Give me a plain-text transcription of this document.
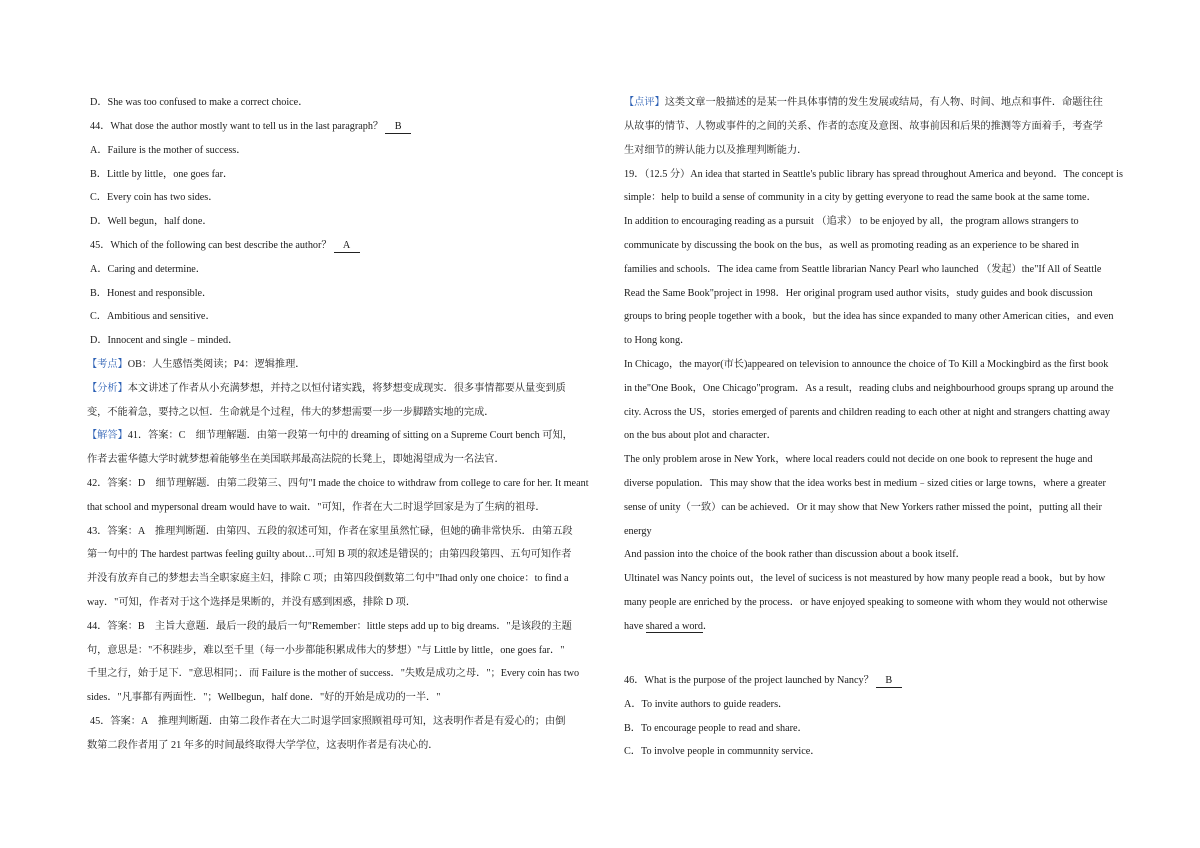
D．She was too confused to make a correct choice．
44．What dose the author mostly want to tell us in the last paragraph？ B
A．Failure is the mother of success．
B．Little by little，one goes far．
C．Every coin has two sides．
D．Well begun，half done．
45．Which of the following can best describe the author？ A
A．Caring and determine．
B．Honest and responsible．
C．Ambitious and sensitive．
D．Innocent and single﹣minded．
【考点】OB：人生感悟类阅读；P4：逻辑推理．
【分析】本文讲述了作者从小充满梦想，并持之以恒付诸实践，将梦想变成现实．很多事情都要从量变到质
变，不能着急，要持之以恒．生命就是个过程，伟大的梦想需要一步一步脚踏实地的完成．
【解答】41．答案：C　细节理解题．由第一段第一句中的 dreaming of sitting on a Supreme Court bench 可知，
作者去霍华德大学时就梦想着能够坐在美国联邦最高法院的长凳上，即她渴望成为一名法官．
42．答案：D　细节理解题．由第二段第三、四句"I made the choice to withdraw from college to care for her. It meant
that school and mypersonal dream would have to wait．"可知，作者在大二时退学回家是为了生病的祖母．
43．答案：A　推理判断题．由第四、五段的叙述可知，作者在家里虽然忙碌，但她的确非常快乐．由第五段
第一句中的 The hardest partwas feeling guilty about…可知 B 项的叙述是错误的；由第四段第四、五句可知作者
并没有放弃自己的梦想去当全职家庭主妇，排除 C 项；由第四段倒数第二句中"Ihad only one choice：to find a
way．"可知，作者对于这个选择是果断的，并没有感到困惑，排除 D 项．
44．答案：B　主旨大意题．最后一段的最后一句"Remember：little steps add up to big dreams．"是该段的主题
句，意思是："不积跬步，难以至千里（每一小步都能积累成伟大的梦想）"与 Little by little，one goes far．"
千里之行，始于足下．"意思相同；．而 Failure is the mother of success．"失败是成功之母．"；Every coin has two
sides．"凡事都有两面性．"；Wellbegun，half done．"好的开始是成功的一半．"
45．答案：A　推理判断题．由第二段作者在大二时退学回家照顾祖母可知，这表明作者是有爱心的；由倒
数第二段作者用了 21 年多的时间最终取得大学学位，这表明作者是有决心的．
【点评】这类文章一般描述的是某一件具体事情的发生发展或结局，有人物、时间、地点和事件．命题往往
从故事的情节、人物或事件的之间的关系、作者的态度及意图、故事前因和后果的推测等方面着手，考查学
生对细节的辨认能力以及推理判断能力．
19．（12.5 分）An idea that started in Seattle's public library has spread throughout America and beyond．The concept is
simple：help to build a sense of community in a city by getting everyone to read the same book at the same tome．
In addition to encouraging reading as a pursuit （追求） to be enjoyed by all，the program allows strangers to
communicate by discussing the book on the bus，as well as promoting reading as an experience to be shared in
families and schools．The idea came from Seattle librarian Nancy Pearl who launched （发起）the"If All of Seattle
Read the Same Book"project in 1998．Her original program used author visits，study guides and book discussion
groups to bring people together with a book，but the idea has since expanded to many other American cities，and even
to Hong kong．
In Chicago，the mayor(市长)appeared on television to announce the choice of To Kill a Mockingbird as the first book
in the"One Book，One Chicago"program．As a result，reading clubs and neighbourhood groups sprang up around the
city. Across the US，stories emerged of parents and children reading to each other at night and strangers chatting away
on the bus about plot and character．
The only problem arose in New York，where local readers could not decide on one book to represent the huge and
diverse population．This may show that the idea works best in medium﹣sized cities or large towns，where a greater
sense of unity（一致）can be achieved．Or it may show that New Yorkers rather missed the point，putting all their
energy
And passion into the choice of the book rather than discussion about a book itself．
Ultinatel was Nancy points out，the level of sucicess is not meastured by how many people read a book，but by how
many people are enriched by the process．or have enjoyed speaking to someone with whom they would not otherwise
have shared a word．
46．What is the purpose of the project launched by Nancy？ B
A．To invite authors to guide readers．
B．To encourage people to read and share．
C．To involve people in communnity service．
